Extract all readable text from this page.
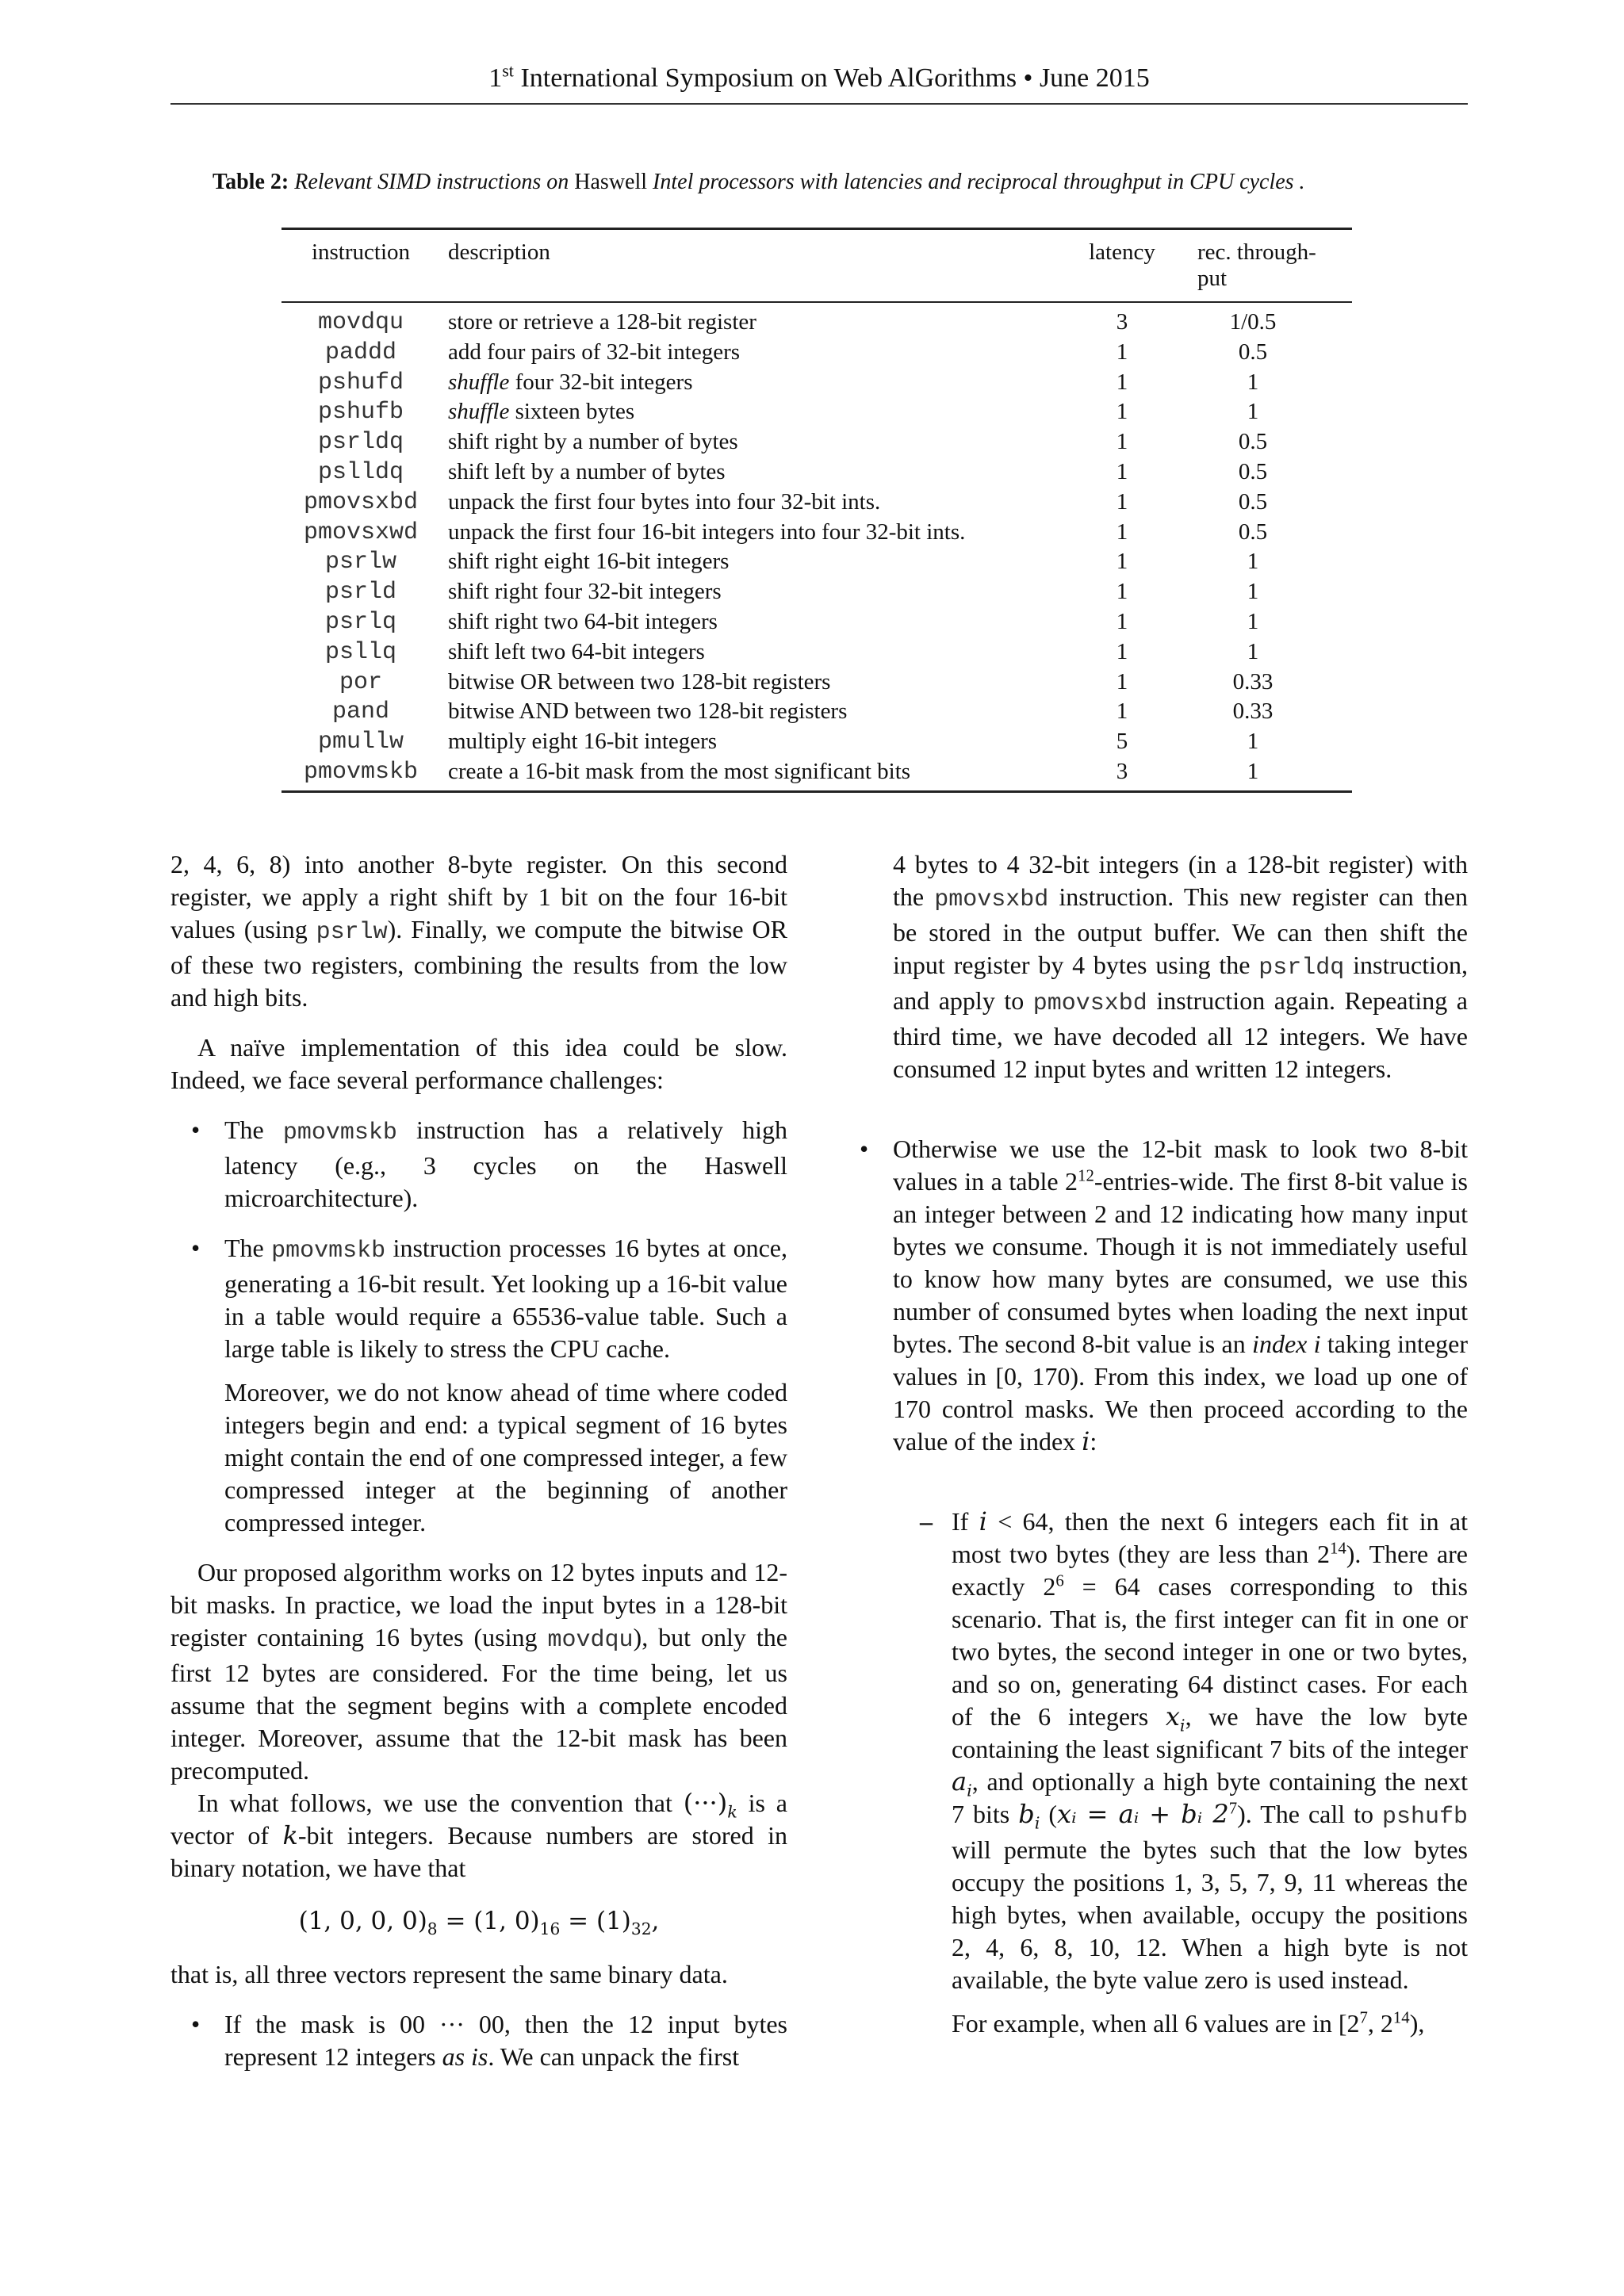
1st International Symposium on Web AlGorithms • June 2015
Table 2: Relevant SIMD instructions on Haswell Intel processors with latencies and reciprocal throughput in CPU cycles .
instruction	description	latency	rec. through-
put
movdqu	store or retrieve a 128-bit register	3	1/0.5
paddd	add four pairs of 32-bit integers	1	0.5
pshufd	shuffle four 32-bit integers	1	1
pshufb	shuffle sixteen bytes	1	1
psrldq	shift right by a number of bytes	1	0.5
pslldq	shift left by a number of bytes	1	0.5
pmovsxbd	unpack the first four bytes into four 32-bit ints.	1	0.5
pmovsxwd	unpack the first four 16-bit integers into four 32-bit ints.	1	0.5
psrlw	shift right eight 16-bit integers	1	1
psrld	shift right four 32-bit integers	1	1
psrlq	shift right two 64-bit integers	1	1
psllq	shift left two 64-bit integers	1	1
por	bitwise OR between two 128-bit registers	1	0.33
pand	bitwise AND between two 128-bit registers	1	0.33
pmullw	multiply eight 16-bit integers	5	1
pmovmskb	create a 16-bit mask from the most significant bits	3	1

2, 4, 6, 8) into another 8-byte register. On this second register, we apply a right shift by 1 bit on the four 16-bit values (using psrlw). Finally, we compute the bitwise OR of these two registers, combining the results from the low and high bits.

A naïve implementation of this idea could be slow. Indeed, we face several performance challenges:

• The pmovmskb instruction has a relatively high latency (e.g., 3 cycles on the Haswell microarchitecture).

• The pmovmskb instruction processes 16 bytes at once, generating a 16-bit result. Yet looking up a 16-bit value in a table would require a 65536-value table. Such a large table is likely to stress the CPU cache.

Moreover, we do not know ahead of time where coded integers begin and end: a typical segment of 16 bytes might contain the end of one compressed integer, a few compressed integer at the beginning of another compressed integer.

Our proposed algorithm works on 12 bytes inputs and 12-bit masks. In practice, we load the input bytes in a 128-bit register containing 16 bytes (using movdqu), but only the first 12 bytes are considered. For the time being, let us assume that the segment begins with a complete encoded integer. Moreover, assume that the 12-bit mask has been precomputed.

In what follows, we use the convention that $(\cdot\cdot\cdot)_k$ is a vector of k-bit integers. Because numbers are stored in binary notation, we have that

(1, 0, 0, $0)_8 = (1$, $0)_{16} = (1)_{32}$,

that is, all three vectors represent the same binary data.

• If the mask is 00 ··· 00, then the 12 input bytes represent 12 integers as is. We can unpack the first

4 bytes to 4 32-bit integers (in a 128-bit register) with the pmovsxbd instruction. This new register can then be stored in the output buffer. We can then shift the input register by 4 bytes using the psrldq instruction, and apply to pmovsxbd instruction again. Repeating a third time, we have decoded all 12 integers. We have consumed 12 input bytes and written 12 integers.

• Otherwise we use the 12-bit mask to look two 8-bit values in a table $2^{12}-entries$-wide. The first 8-bit value is an integer between 2 and 12 indicating how many input bytes we consume. Though it is not immediately useful to know how many bytes are consumed, we use this number of consumed bytes when loading the next input bytes. The second 8-bit value is an index i taking integer values in [0, 170). From this index, we load up one of 170 control masks. We then proceed according to the value of the index i:

– If i < 64, then the next 6 integers each fit in at most two bytes (they are less than $2^{14}$). There are exactly $2^6 = 64$ cases corresponding to this scenario. That is, the first integer can fit in one or two bytes, the second integer in one or two bytes, and so on, generating 64 distinct cases. For each of the 6 integers $x_i$, we have the low byte containing the least significant 7 bits of the integer $a_i$, and optionally a high byte containing the next 7 bits $b_i$ (xᵢ = aᵢ + bᵢ $2^7$). The call to pshufb will permute the bytes such that the low bytes occupy the positions 1, 3, 5, 7, 9, 11 whereas the high bytes, when available, occupy the positions 2, 4, 6, 8, 10, 12. When a high byte is not available, the byte value zero is used instead.

For example, when all 6 values are in [$2^7$, $2^{14}$),
